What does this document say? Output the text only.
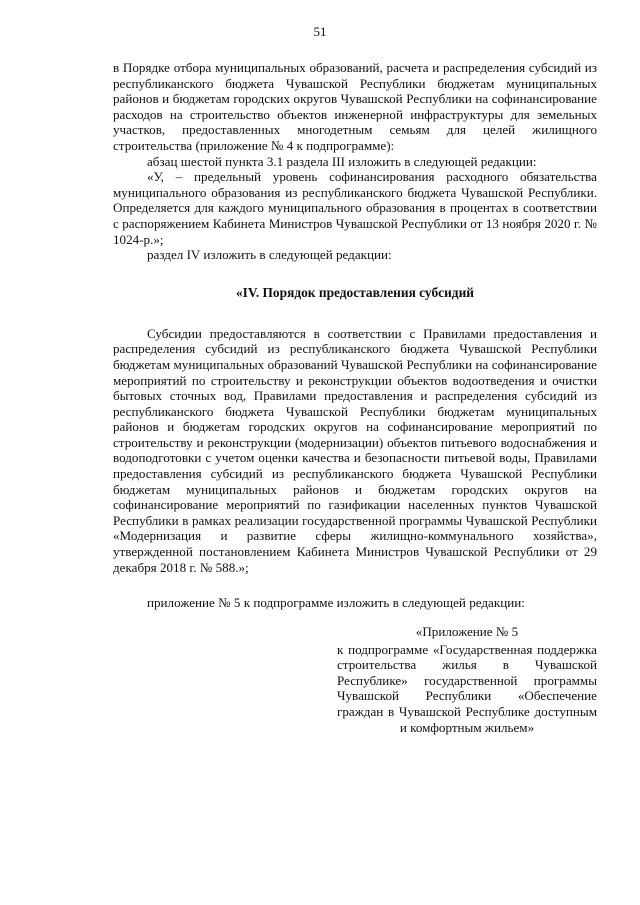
51

в Порядке отбора муниципальных образований, расчета и распределения субсидий из республиканского бюджета Чувашской Республики бюджетам муниципальных районов и бюджетам городских округов Чувашской Республики на софинансирование расходов на строительство объектов инженерной инфраструктуры для земельных участков, предоставленных многодетным семьям для целей жилищного строительства (приложение № 4 к подпрограмме):

абзац шестой пункта 3.1 раздела III изложить в следующей редакции:

«У, – предельный уровень софинансирования расходного обязательства муниципального образования из республиканского бюджета Чувашской Республики. Определяется для каждого муниципального образования в процентах в соответствии с распоряжением Кабинета Министров Чувашской Республики от 13 ноября 2020 г. № 1024-р.»;

раздел IV изложить в следующей редакции:

«IV. Порядок предоставления субсидий

Субсидии предоставляются в соответствии с Правилами предоставления и распределения субсидий из республиканского бюджета Чувашской Республики бюджетам муниципальных образований Чувашской Республики на софинансирование мероприятий по строительству и реконструкции объектов водоотведения и очистки бытовых сточных вод, Правилами предоставления и распределения субсидий из республиканского бюджета Чувашской Республики бюджетам муниципальных районов и бюджетам городских округов на софинансирование мероприятий по строительству и реконструкции (модернизации) объектов питьевого водоснабжения и водоподготовки с учетом оценки качества и безопасности питьевой воды, Правилами предоставления субсидий из республиканского бюджета Чувашской Республики бюджетам муниципальных районов и бюджетам городских округов на софинансирование мероприятий по газификации населенных пунктов Чувашской Республики в рамках реализации государственной программы Чувашской Республики «Модернизация и развитие сферы жилищно-коммунального хозяйства», утвержденной постановлением Кабинета Министров Чувашской Республики от 29 декабря 2018 г. № 588.»;

приложение № 5 к подпрограмме изложить в следующей редакции:

«Приложение № 5

к подпрограмме «Государственная поддержка строительства жилья в Чувашской Республике» государственной программы Чувашской Республики «Обеспечение граждан в Чувашской Республике доступным и комфортным жильем»
